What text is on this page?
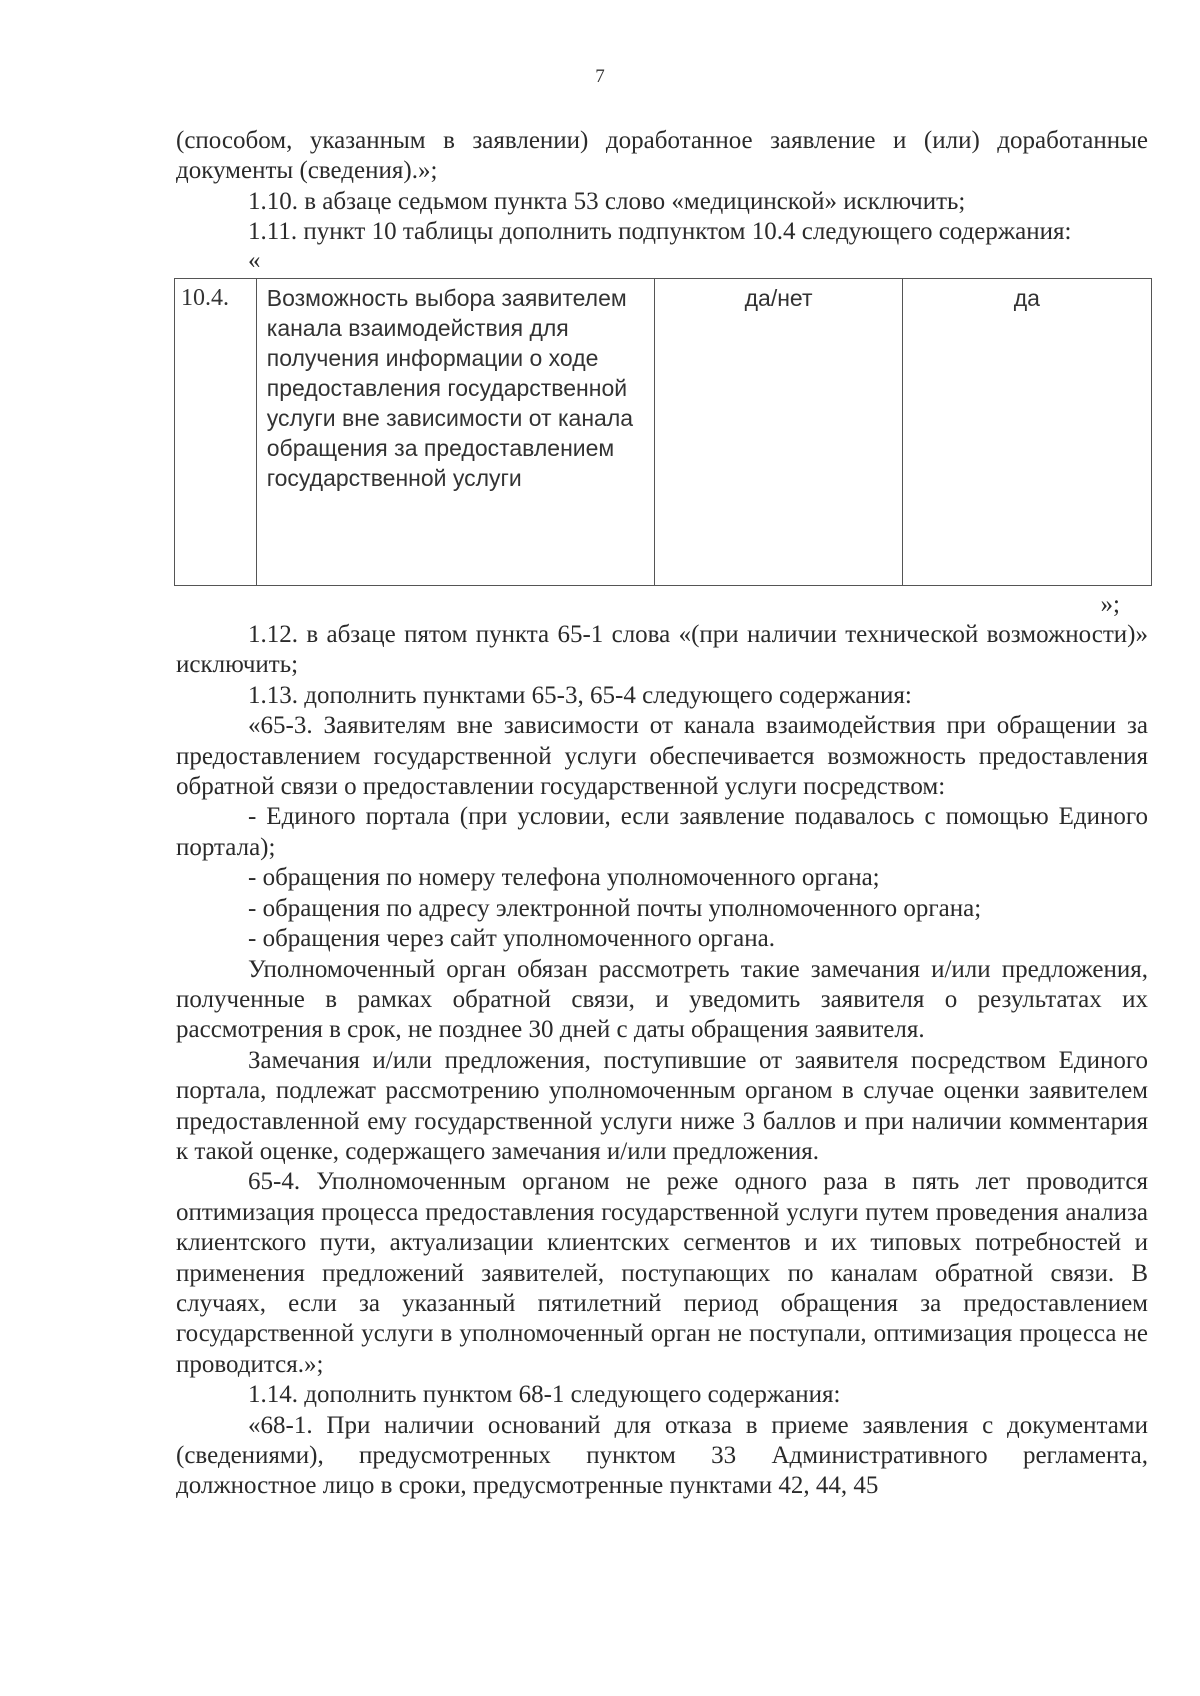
7

(способом, указанным в заявлении) доработанное заявление и (или) доработанные документы (сведения).»;

1.10. в абзаце седьмом пункта 53 слово «медицинской» исключить;

1.11. пункт 10 таблицы дополнить подпунктом 10.4 следующего содержания:

«

10.4.	Возможность выбора заявителем канала взаимодействия для получения информации о ходе предоставления государственной услуги вне зависимости от канала обращения за предоставлением государственной услуги	да/нет	да

»;

1.12. в абзаце пятом пункта 65-1 слова «(при наличии технической возможности)» исключить;

1.13. дополнить пунктами 65-3, 65-4 следующего содержания:

«65-3. Заявителям вне зависимости от канала взаимодействия при обращении за предоставлением государственной услуги обеспечивается возможность предоставления обратной связи о предоставлении государственной услуги посредством:

- Единого портала (при условии, если заявление подавалось с помощью Единого портала);

- обращения по номеру телефона уполномоченного органа;

- обращения по адресу электронной почты уполномоченного органа;

- обращения через сайт уполномоченного органа.

Уполномоченный орган обязан рассмотреть такие замечания и/или предложения, полученные в рамках обратной связи, и уведомить заявителя о результатах их рассмотрения в срок, не позднее 30 дней с даты обращения заявителя.

Замечания и/или предложения, поступившие от заявителя посредством Единого портала, подлежат рассмотрению уполномоченным органом в случае оценки заявителем предоставленной ему государственной услуги ниже 3 баллов и при наличии комментария к такой оценке, содержащего замечания и/или предложения.

65-4. Уполномоченным органом не реже одного раза в пять лет проводится оптимизация процесса предоставления государственной услуги путем проведения анализа клиентского пути, актуализации клиентских сегментов и их типовых потребностей и применения предложений заявителей, поступающих по каналам обратной связи. В случаях, если за указанный пятилетний период обращения за предоставлением государственной услуги в уполномоченный орган не поступали, оптимизация процесса не проводится.»;

1.14. дополнить пунктом 68-1 следующего содержания:

«68-1. При наличии оснований для отказа в приеме заявления с документами (сведениями), предусмотренных пунктом 33 Административного регламента, должностное лицо в сроки, предусмотренные пунктами 42, 44, 45
